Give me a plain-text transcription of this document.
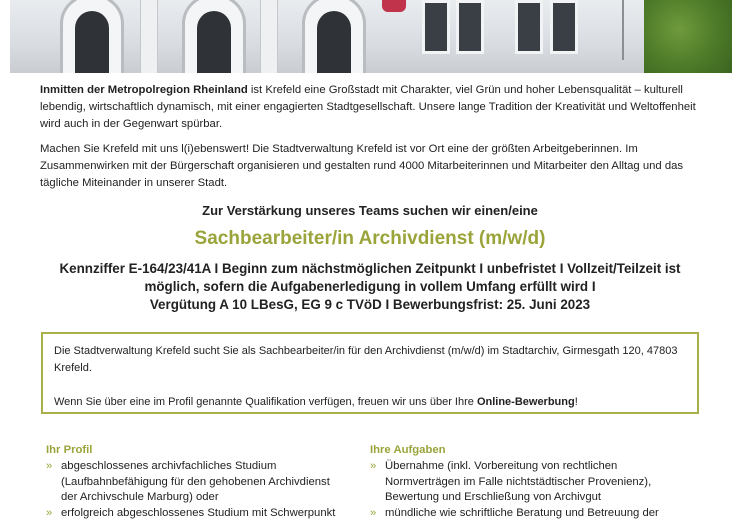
Inmitten der Metropolregion Rheinland ist Krefeld eine Großstadt mit Charakter, viel Grün und hoher Lebensqualität – kulturell lebendig, wirtschaftlich dynamisch, mit einer engagierten Stadtgesellschaft. Unsere lange Tradition der Kreativität und Weltoffenheit wird auch in der Gegenwart spürbar.

Machen Sie Krefeld mit uns l(i)ebenswert! Die Stadtverwaltung Krefeld ist vor Ort eine der größten Arbeitgeberinnen. Im Zusammenwirken mit der Bürgerschaft organisieren und gestalten rund 4000 Mitarbeiterinnen und Mitarbeiter den Alltag und das tägliche Miteinander in unserer Stadt.

Zur Verstärkung unseres Teams suchen wir einen/eine

Sachbearbeiter/in Archivdienst (m/w/d)

Kennziffer E-164/23/41A I Beginn zum nächstmöglichen Zeitpunkt I unbefristet I Vollzeit/Teilzeit ist
möglich, sofern die Aufgabenerledigung in vollem Umfang erfüllt wird I
Vergütung A 10 LBesG, EG 9 c TVöD I Bewerbungsfrist: 25. Juni 2023

Die Stadtverwaltung Krefeld sucht Sie als Sachbearbeiter/in für den Archivdienst (m/w/d) im Stadtarchiv, Girmesgath 120, 47803 Krefeld.

Wenn Sie über eine im Profil genannte Qualifikation verfügen, freuen wir uns über Ihre Online-Bewerbung!

Ihr Profil
» abgeschlossenes archivfachliches Studium (Laufbahnbefähigung für den gehobenen Archivdienst der Archivschule Marburg) oder
» erfolgreich abgeschlossenes Studium mit Schwerpunkt
Ihre Aufgaben
» Übernahme (inkl. Vorbereitung von rechtlichen Normverträgen im Falle nichtstädtischer Provenienz), Bewertung und Erschließung von Archivgut
» mündliche wie schriftliche Beratung und Betreuung der
